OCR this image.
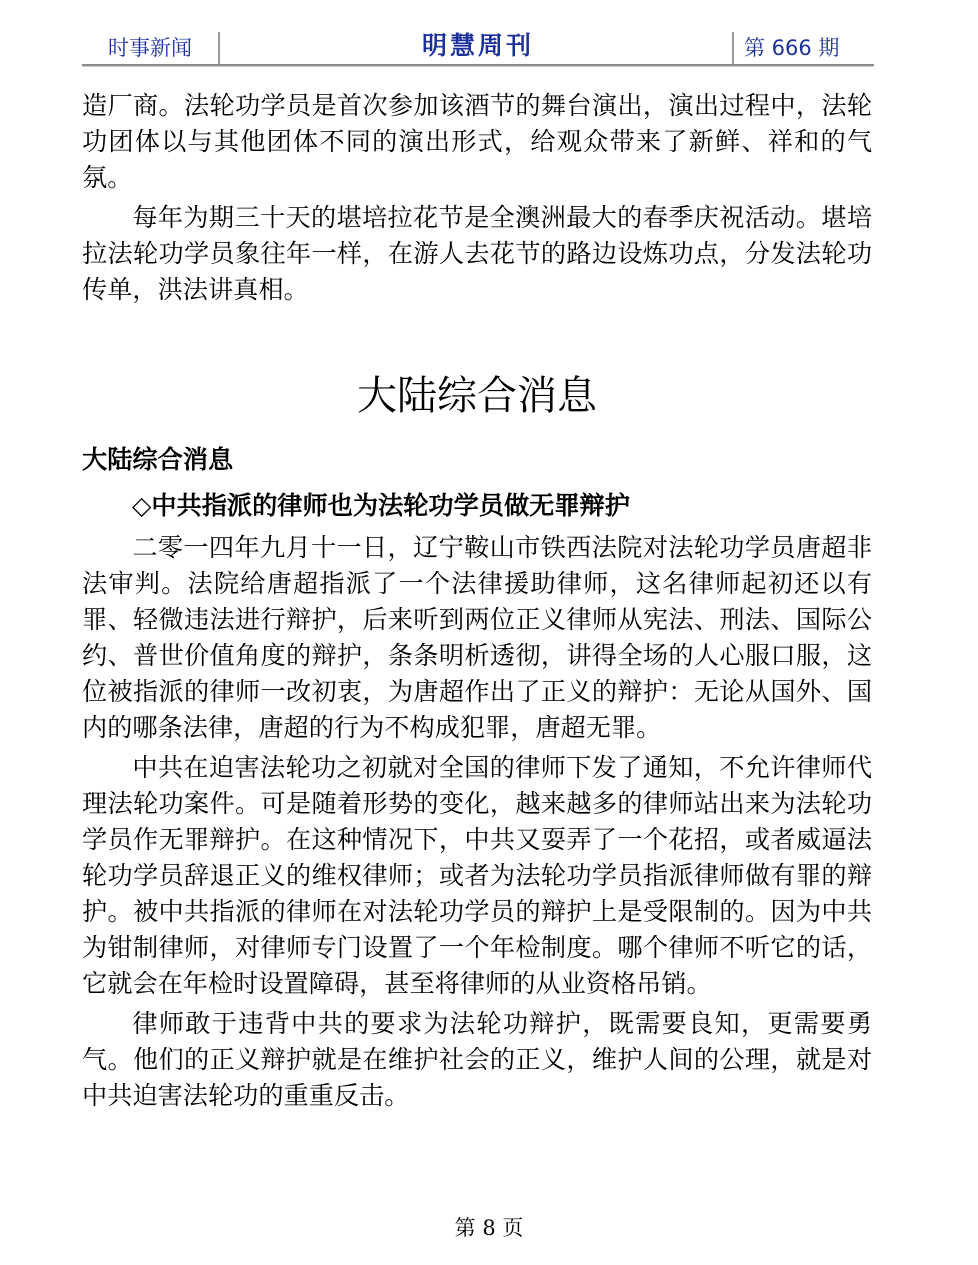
时事新闻	明慧周刊	第 666 期

造厂商。法轮功学员是首次参加该酒节的舞台演出，演出过程中，法轮功团体以与其他团体不同的演出形式，给观众带来了新鲜、祥和的气氛。

每年为期三十天的堪培拉花节是全澳洲最大的春季庆祝活动。堪培拉法轮功学员象往年一样，在游人去花节的路边设炼功点，分发法轮功传单，洪法讲真相。

大陆综合消息
大陆综合消息
◇中共指派的律师也为法轮功学员做无罪辩护

二零一四年九月十一日，辽宁鞍山市铁西法院对法轮功学员唐超非法审判。法院给唐超指派了一个法律援助律师，这名律师起初还以有罪、轻微违法进行辩护，后来听到两位正义律师从宪法、刑法、国际公约、普世价值角度的辩护，条条明析透彻，讲得全场的人心服口服，这位被指派的律师一改初衷，为唐超作出了正义的辩护：无论从国外、国内的哪条法律，唐超的行为不构成犯罪，唐超无罪。

中共在迫害法轮功之初就对全国的律师下发了通知，不允许律师代理法轮功案件。可是随着形势的变化，越来越多的律师站出来为法轮功学员作无罪辩护。在这种情况下，中共又耍弄了一个花招，或者威逼法轮功学员辞退正义的维权律师；或者为法轮功学员指派律师做有罪的辩护。被中共指派的律师在对法轮功学员的辩护上是受限制的。因为中共为钳制律师，对律师专门设置了一个年检制度。哪个律师不听它的话，它就会在年检时设置障碍，甚至将律师的从业资格吊销。

律师敢于违背中共的要求为法轮功辩护，既需要良知，更需要勇气。他们的正义辩护就是在维护社会的正义，维护人间的公理，就是对中共迫害法轮功的重重反击。

第 8 页
